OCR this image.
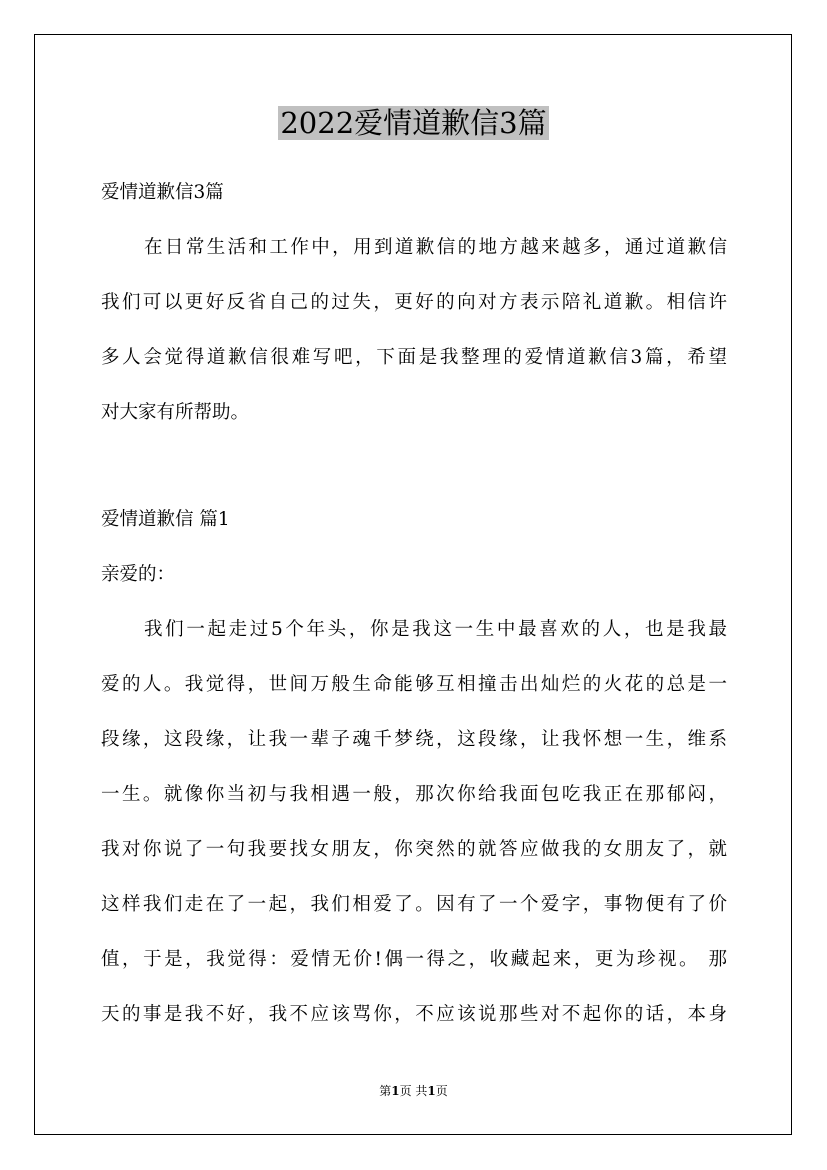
2022爱情道歉信3篇
爱情道歉信3篇
在日常生活和工作中，用到道歉信的地方越来越多，通过道歉信
我们可以更好反省自己的过失，更好的向对方表示陪礼道歉。相信许
多人会觉得道歉信很难写吧，下面是我整理的爱情道歉信3篇，希望
对大家有所帮助。
爱情道歉信 篇1
亲爱的：
我们一起走过5个年头，你是我这一生中最喜欢的人，也是我最
爱的人。我觉得，世间万般生命能够互相撞击出灿烂的火花的总是一
段缘，这段缘，让我一辈子魂千梦绕，这段缘，让我怀想一生，维系
一生。就像你当初与我相遇一般，那次你给我面包吃我正在那郁闷，
我对你说了一句我要找女朋友，你突然的就答应做我的女朋友了，就
这样我们走在了一起，我们相爱了。因有了一个爱字，事物便有了价
值，于是，我觉得：爱情无价!偶一得之，收藏起来，更为珍视。 那
天的事是我不好，我不应该骂你，不应该说那些对不起你的话，本身
第1页 共1页
